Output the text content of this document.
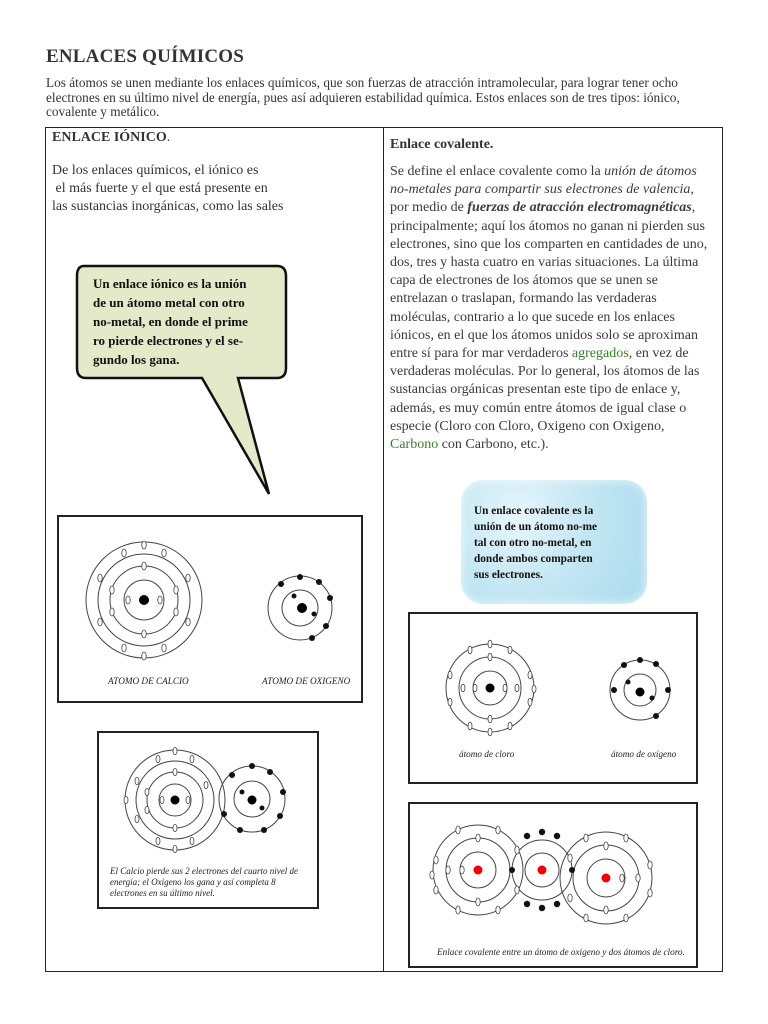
ENLACES QUÍMICOS
Los átomos se unen mediante los enlaces químicos, que son fuerzas de atracción intramolecular, para lograr tener ocho electrones en su último nivel de energía, pues así adquieren estabilidad química. Estos enlaces son de tres tipos: iónico, covalente y metálico.
ENLACE IÓNICO.
De los enlaces químicos, el iónico es
el más fuerte y el que está presente en
las sustancias inorgánicas, como las sales
Un enlace iónico es la unión
de un átomo metal con otro
no-metal, en donde el prime
ro pierde electrones y el se-
gundo los gana.
ATOMO DE CALCIO	ATOMO DE OXIGENO
El Calcio pierde sus 2 electrones del cuarto nivel de energía; el Oxigeno los gana y así completa 8 electrones en su último nivel.
Enlace covalente.
Se define el enlace covalente como la unión de átomos no-metales para compartir sus electrones de valencia, por medio de fuerzas de atracción electromagnéticas, principalmente; aquí los átomos no ganan ni pierden sus electrones, sino que los comparten en cantidades de uno, dos, tres y hasta cuatro en varias situaciones. La última capa de electrones de los átomos que se unen se entrelazan o traslapan, formando las verdaderas moléculas, contrario a lo que sucede en los enlaces iónicos, en el que los átomos unidos solo se aproximan entre sí para for mar verdaderos agregados, en vez de verdaderas moléculas. Por lo general, los átomos de las sustancias orgánicas presentan este tipo de enlace y, además, es muy común entre átomos de igual clase o especie (Cloro con Cloro, Oxigeno con Oxigeno, Carbono con Carbono, etc.).
Un enlace covalente es la
unión de un átomo no-me
tal con otro no-metal, en
donde ambos comparten
sus electrones.
átomo de cloro	átomo de oxígeno
Enlace covalente entre un átomo de oxigeno y dos átomos de cloro.
